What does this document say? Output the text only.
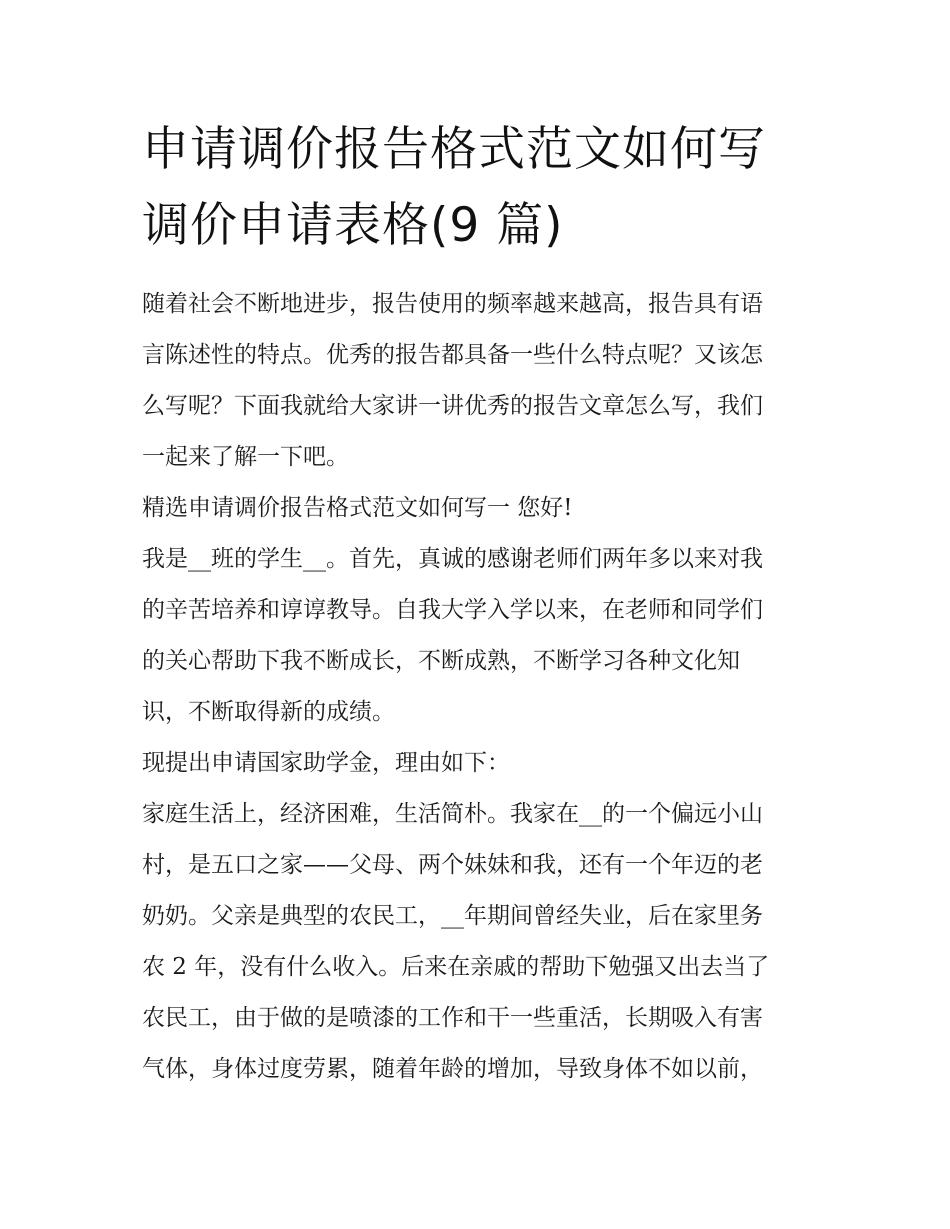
申请调价报告格式范文如何写
调价申请表格(9 篇)
随着社会不断地进步，报告使用的频率越来越高，报告具有语
言陈述性的特点。优秀的报告都具备一些什么特点呢？又该怎
么写呢？下面我就给大家讲一讲优秀的报告文章怎么写，我们
一起来了解一下吧。
精选申请调价报告格式范文如何写一 您好!
我是__班的学生__。首先，真诚的感谢老师们两年多以来对我
的辛苦培养和谆谆教导。自我大学入学以来，在老师和同学们
的关心帮助下我不断成长，不断成熟，不断学习各种文化知
识，不断取得新的成绩。
现提出申请国家助学金，理由如下：
家庭生活上，经济困难，生活简朴。我家在__的一个偏远小山
村，是五口之家——父母、两个妹妹和我，还有一个年迈的老
奶奶。父亲是典型的农民工，__年期间曾经失业，后在家里务
农 2 年，没有什么收入。后来在亲戚的帮助下勉强又出去当了
农民工，由于做的是喷漆的工作和干一些重活，长期吸入有害
气体，身体过度劳累，随着年龄的增加，导致身体不如以前，
